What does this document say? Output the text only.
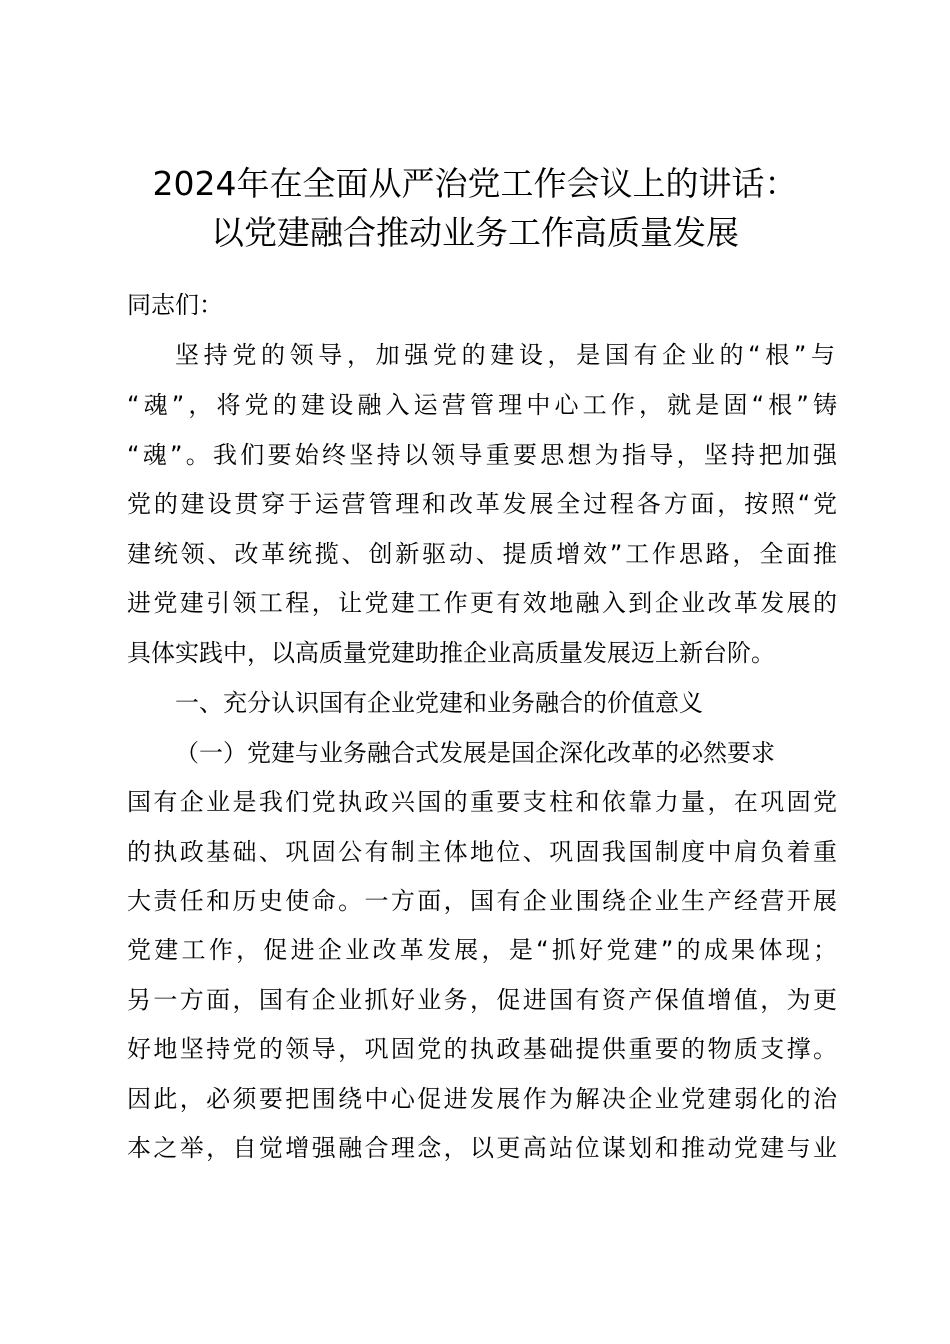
2024年在全面从严治党工作会议上的讲话：
以党建融合推动业务工作高质量发展
同志们：
坚持党的领导，加强党的建设，是国有企业的“根”与
“魂”，将党的建设融入运营管理中心工作，就是固“根”铸
“魂”。我们要始终坚持以领导重要思想为指导，坚持把加强
党的建设贯穿于运营管理和改革发展全过程各方面，按照“党
建统领、改革统揽、创新驱动、提质增效”工作思路，全面推
进党建引领工程，让党建工作更有效地融入到企业改革发展的
具体实践中，以高质量党建助推企业高质量发展迈上新台阶。
一、充分认识国有企业党建和业务融合的价值意义
（一）党建与业务融合式发展是国企深化改革的必然要求
国有企业是我们党执政兴国的重要支柱和依靠力量，在巩固党
的执政基础、巩固公有制主体地位、巩固我国制度中肩负着重
大责任和历史使命。一方面，国有企业围绕企业生产经营开展
党建工作，促进企业改革发展，是“抓好党建”的成果体现；
另一方面，国有企业抓好业务，促进国有资产保值增值，为更
好地坚持党的领导，巩固党的执政基础提供重要的物质支撑。
因此，必须要把围绕中心促进发展作为解决企业党建弱化的治
本之举，自觉增强融合理念，以更高站位谋划和推动党建与业
